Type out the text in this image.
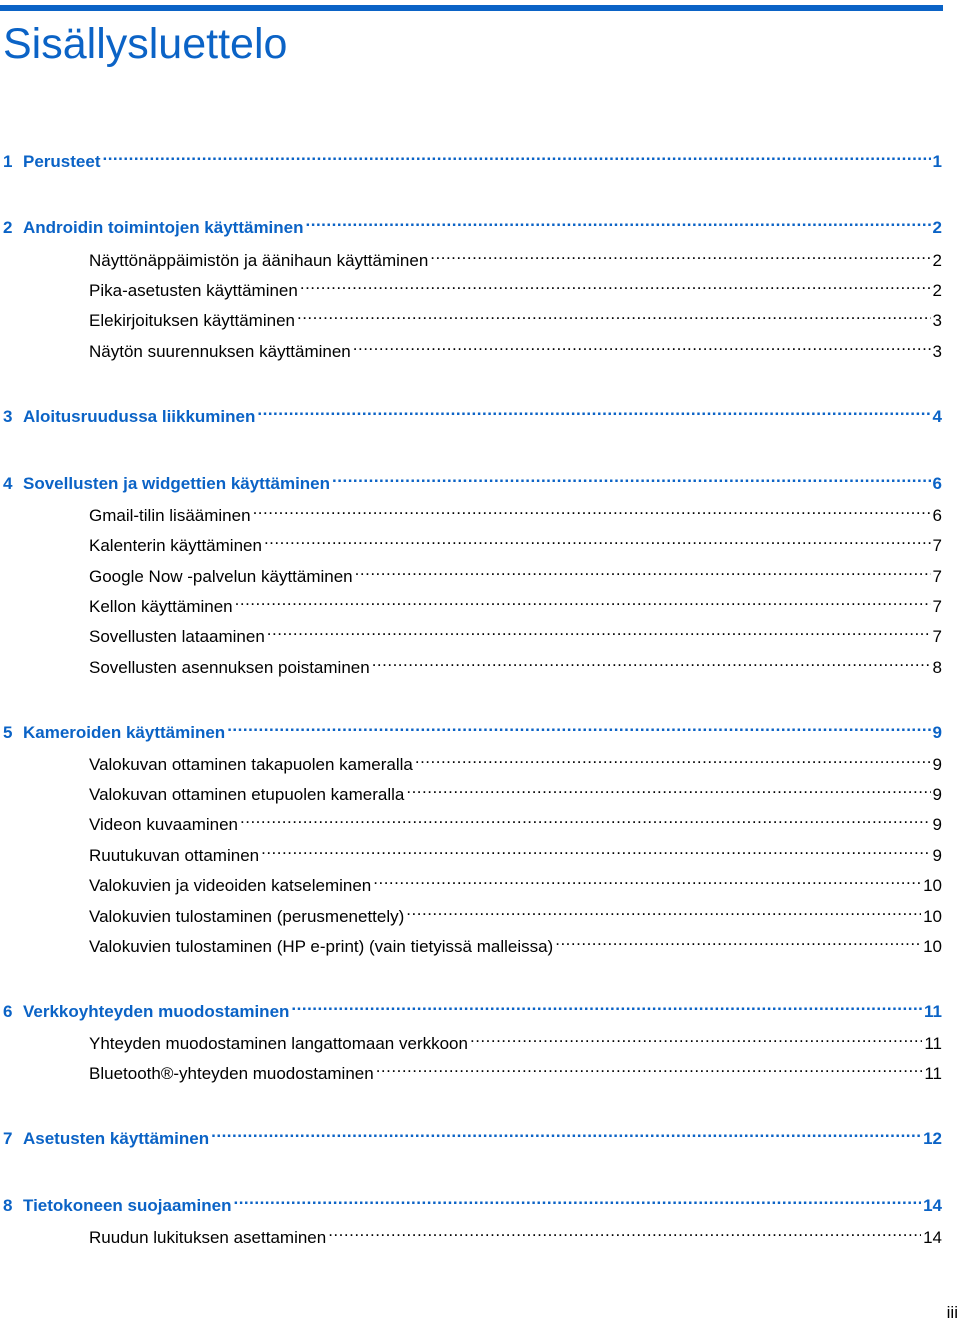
Sisällysluettelo
1 Perusteet .....	1
2 Androidin toimintojen käyttäminen .....	2
Näyttönäppäimistön ja äänihaun käyttäminen .....	2
Pika-asetusten käyttäminen .....	2
Elekirjoituksen käyttäminen .....	3
Näytön suurennuksen käyttäminen .....	3
3 Aloitusruudussa liikkuminen .....	4
4 Sovellusten ja widgettien käyttäminen .....	6
Gmail-tilin lisääminen .....	6
Kalenterin käyttäminen .....	7
Google Now -palvelun käyttäminen .....	7
Kellon käyttäminen .....	7
Sovellusten lataaminen .....	7
Sovellusten asennuksen poistaminen .....	8
5 Kameroiden käyttäminen .....	9
Valokuvan ottaminen takapuolen kameralla .....	9
Valokuvan ottaminen etupuolen kameralla .....	9
Videon kuvaaminen .....	9
Ruutukuvan ottaminen .....	9
Valokuvien ja videoiden katseleminen .....	10
Valokuvien tulostaminen (perusmenettely) .....	10
Valokuvien tulostaminen (HP e-print) (vain tietyissä malleissa) .....	10
6 Verkkoyhteyden muodostaminen .....	11
Yhteyden muodostaminen langattomaan verkkoon .....	11
Bluetooth®-yhteyden muodostaminen .....	11
7 Asetusten käyttäminen .....	12
8 Tietokoneen suojaaminen .....	14
Ruudun lukituksen asettaminen .....	14
iii
